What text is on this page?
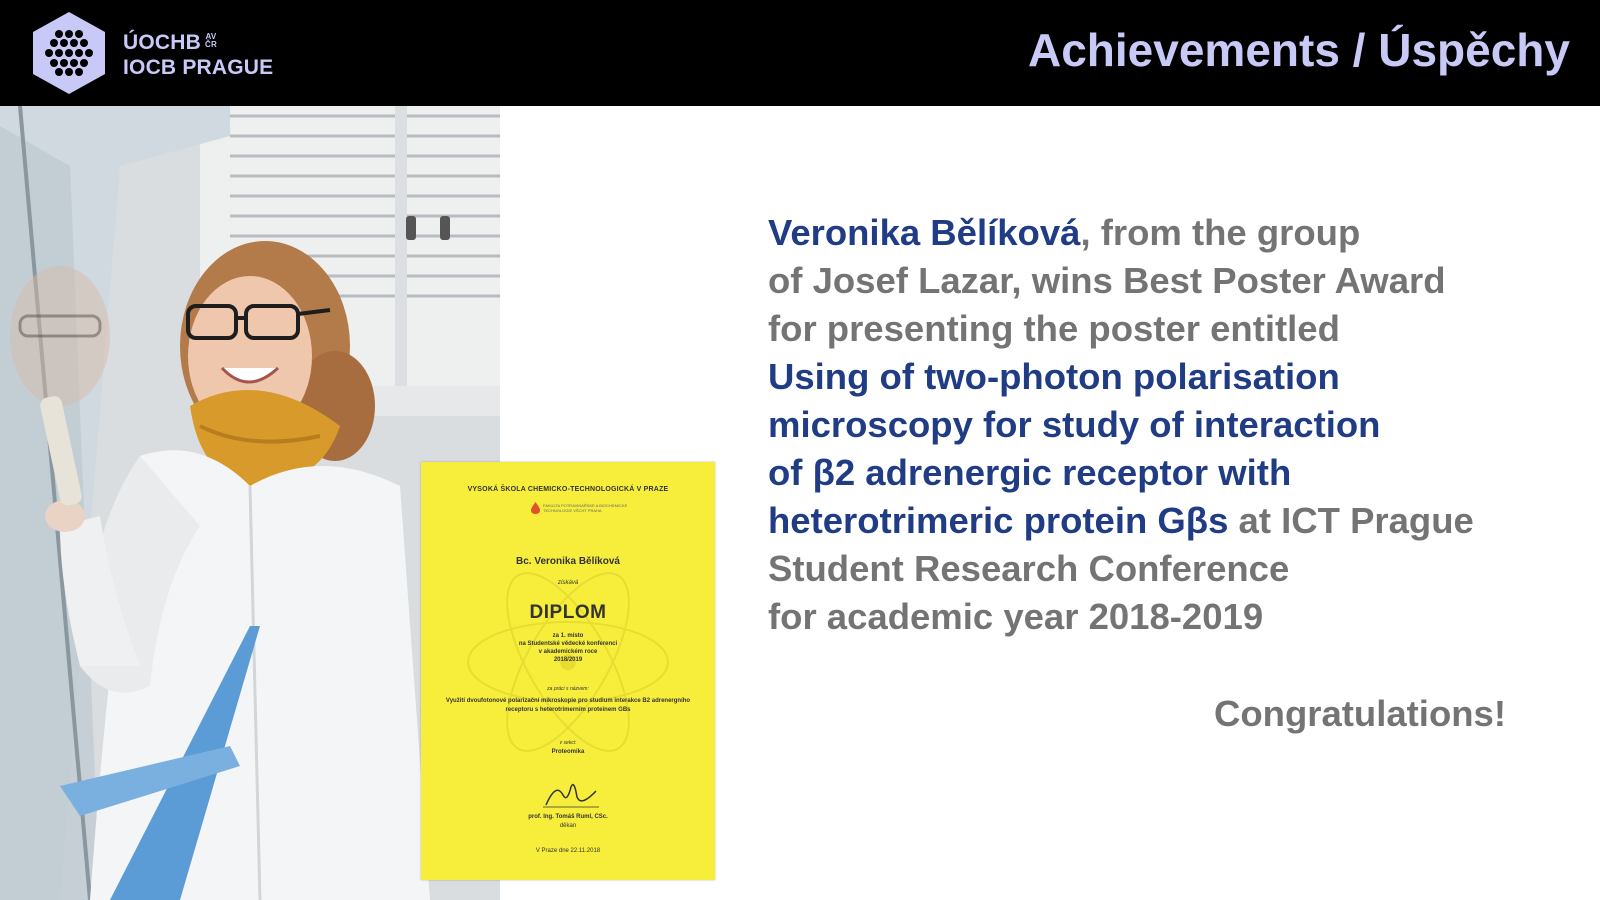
ÚOCHB AV
ČR
IOCB PRAGUE	Achievements / Úspěchy
VYSOKÁ ŠKOLA CHEMICKO-TECHNOLOGICKÁ V PRAZE
FAKULTA POTRAVINÁŘSKÉ A BIOCHEMICKÉ TECHNOLOGIE VŠCHT PRAHA
Bc. Veronika Bělíková
získává
DIPLOM
za 1. místo
na Studentské vědecké konferenci
v akademickém roce
2018/2019
za práci s názvem:
Využití dvoufotonové polarizační mikroskopie pro studium interakce B2 adrenergního receptoru s heterotrimerním proteinem GBs
v sekci:
Proteomika
prof. Ing. Tomáš Ruml, CSc.
děkan
V Praze dne 22.11.2018
Veronika Bělíková, from the group
of Josef Lazar, wins Best Poster Award
for presenting the poster entitled
Using of two-photon polarisation
microscopy for study of interaction
of β2 adrenergic receptor with
heterotrimeric protein Gβs at ICT Prague
Student Research Conference
for academic year 2018-2019
Congratulations!
